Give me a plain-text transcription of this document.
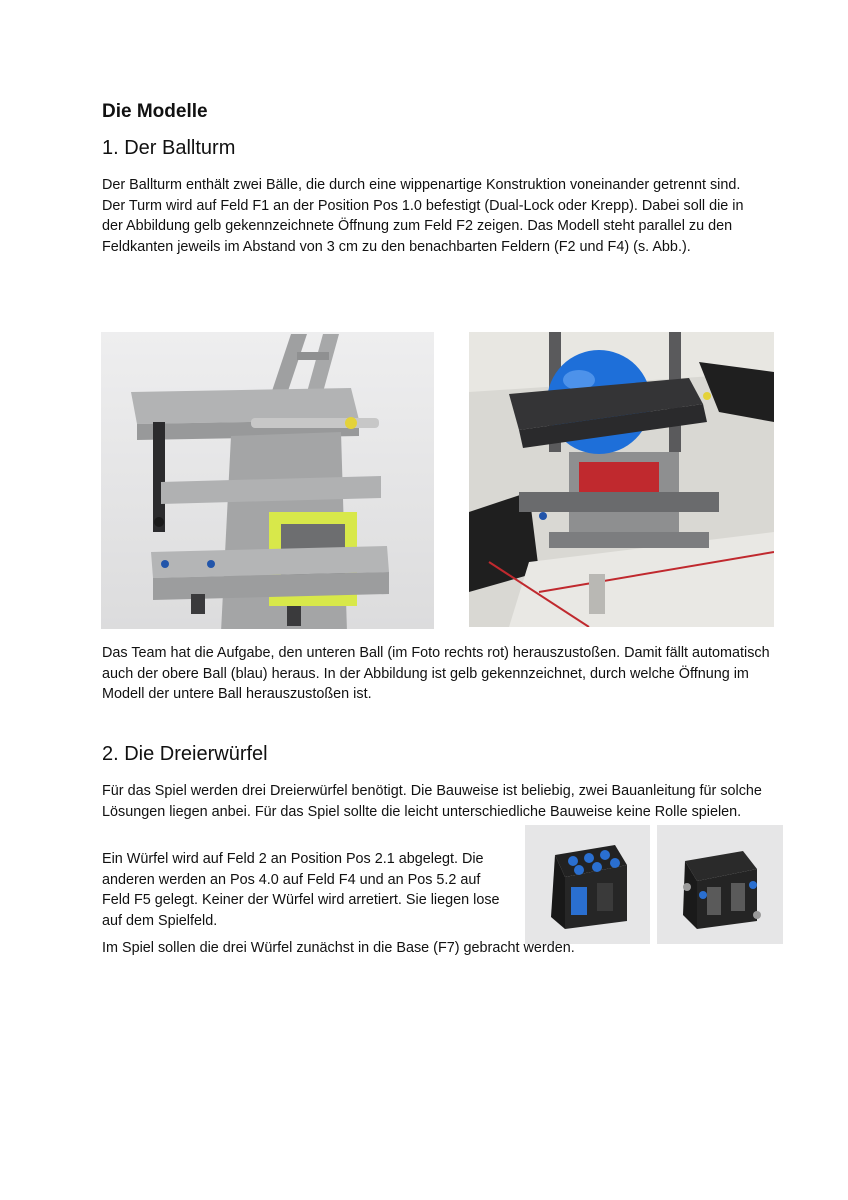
Die Modelle
1. Der Ballturm

Der Ballturm enthält zwei Bälle, die durch eine wippenartige Konstruktion voneinander getrennt sind. Der Turm wird auf Feld F1 an der Position Pos 1.0 befestigt (Dual-Lock oder Krepp). Dabei soll die in der Abbildung gelb gekennzeichnete Öffnung zum Feld F2 zeigen. Das Modell steht parallel zu den Feldkanten jeweils im Abstand von 3 cm zu den benachbarten Feldern (F2 und F4) (s. Abb.).

Das Team hat die Aufgabe, den unteren Ball (im Foto rechts rot) herauszustoßen. Damit fällt automatisch auch der obere Ball (blau) heraus. In der Abbildung ist gelb gekennzeichnet, durch welche Öffnung im Modell der untere Ball herauszustoßen ist.

2. Die Dreierwürfel

Für das Spiel werden drei Dreierwürfel benötigt. Die Bauweise ist beliebig, zwei Bauanleitung für solche Lösungen liegen anbei. Für das Spiel sollte die leicht unterschiedliche Bauweise keine Rolle spielen.

Ein Würfel wird auf Feld 2 an Position Pos 2.1 abgelegt. Die anderen werden an Pos 4.0 auf Feld F4 und an Pos 5.2 auf Feld F5 gelegt. Keiner der Würfel wird arretiert. Sie liegen lose auf dem Spielfeld.

Im Spiel sollen die drei Würfel zunächst in die Base (F7) gebracht werden.
